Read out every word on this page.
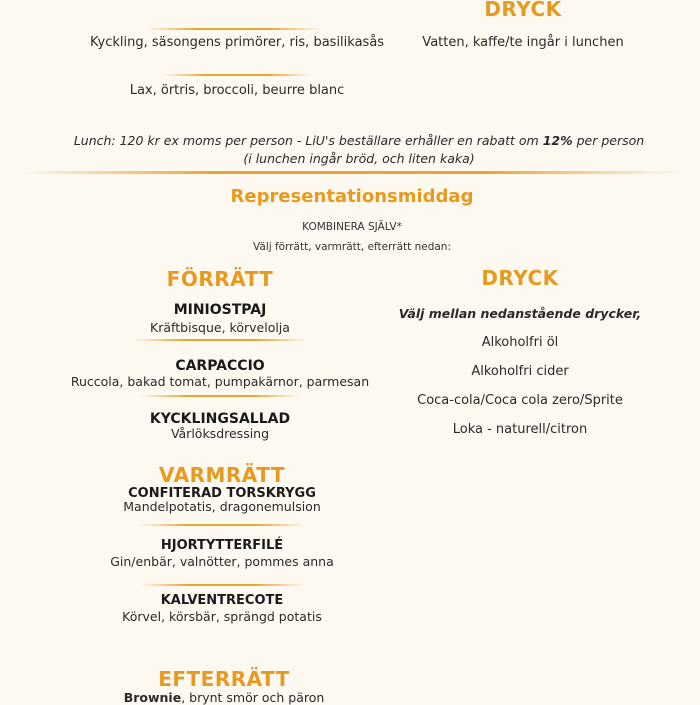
Kyckling, säsongens primörer, ris, basilikasås
Lax, örtris, broccoli, beurre blanc
DRYCK
Vatten, kaffe/te ingår i lunchen
Lunch: 120 kr ex moms per person - LiU's beställare erhåller en rabatt om 12% per person
(i lunchen ingår bröd, och liten kaka)
Representationsmiddag
KOMBINERA SJÄLV*
Välj förrätt, varmrätt, efterrätt nedan:
FÖRRÄTT
MINIOSTPAJ
Kräftbisque, körvelolja
CARPACCIO
Ruccola, bakad tomat, pumpakärnor, parmesan
KYCKLINGSALLAD
Vårlöksdressing
VARMRÄTT
CONFITERAD TORSKRYGG
Mandelpotatis, dragonemulsion
HJORTYTTERFILÉ
Gin/enbär, valnötter, pommes anna
KALVENTRECOTE
Körvel, körsbär, sprängd potatis
EFTERRÄTT
Brownie, brynt smör och päron
DRYCK
Välj mellan nedanstående drycker,
Alkoholfri öl
Alkoholfri cider
Coca-cola/Coca cola zero/Sprite
Loka - naturell/citron
